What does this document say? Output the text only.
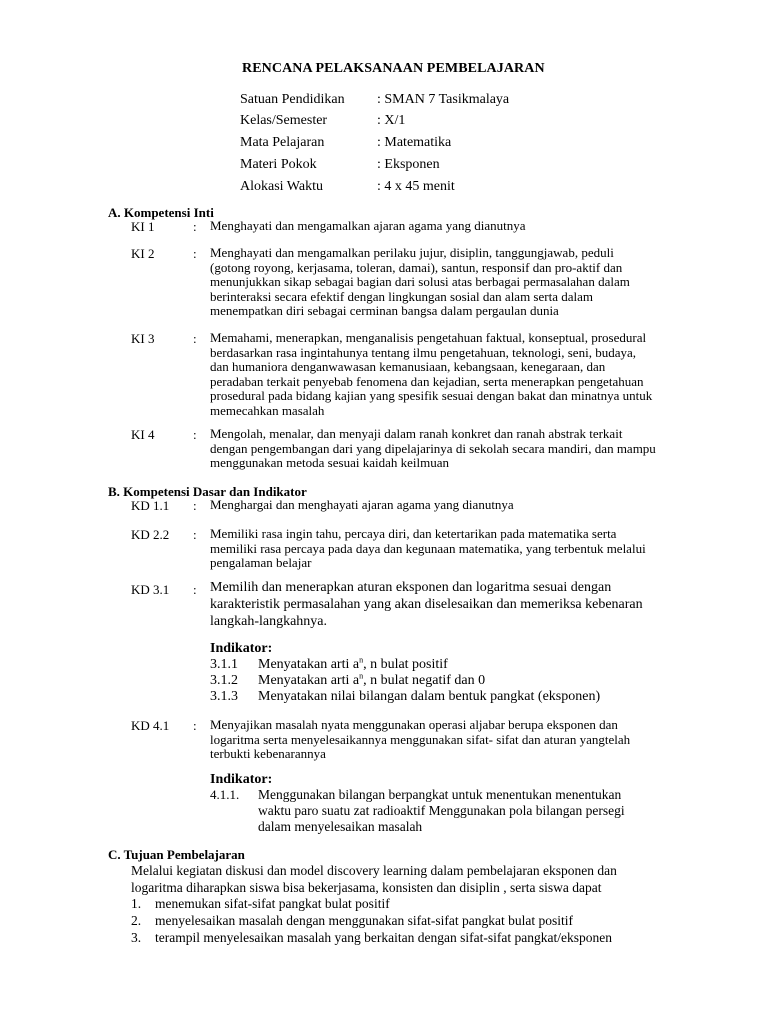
RENCANA PELAKSANAAN PEMBELAJARAN
Satuan Pendidikan : SMAN 7 Tasikmalaya
Kelas/Semester	: X/1
Mata Pelajaran	: Matematika
Materi Pokok	: Eksponen
Alokasi Waktu	: 4 x 45 menit
A. Kompetensi Inti
KI 1	: Menghayati dan mengamalkan ajaran agama yang dianutnya
KI 2	: Menghayati dan mengamalkan perilaku jujur, disiplin, tanggungjawab, peduli
(gotong royong, kerjasama, toleran, damai), santun, responsif dan pro-aktif dan
menunjukkan sikap sebagai bagian dari solusi atas berbagai permasalahan dalam
berinteraksi secara efektif dengan lingkungan sosial dan alam serta dalam
menempatkan diri sebagai cerminan bangsa dalam pergaulan dunia
KI 3	: Memahami, menerapkan, menganalisis pengetahuan faktual, konseptual, prosedural
berdasarkan rasa ingintahunya tentang ilmu pengetahuan, teknologi, seni, budaya,
dan humaniora denganwawasan kemanusiaan, kebangsaan, kenegaraan, dan
peradaban terkait penyebab fenomena dan kejadian, serta menerapkan pengetahuan
prosedural pada bidang kajian yang spesifik sesuai dengan bakat dan minatnya untuk
memecahkan masalah
KI 4	: Mengolah, menalar, dan menyaji dalam ranah konkret dan ranah abstrak terkait
dengan pengembangan dari yang dipelajarinya di sekolah secara mandiri, dan mampu
menggunakan metoda sesuai kaidah keilmuan
B. Kompetensi Dasar dan Indikator
KD 1.1 : Menghargai dan menghayati ajaran agama yang dianutnya
KD 2.2 : Memiliki rasa ingin tahu, percaya diri, dan ketertarikan pada matematika serta
memiliki rasa percaya pada daya dan kegunaan matematika, yang terbentuk melalui
pengalaman belajar
KD 3.1 : Memilih dan menerapkan aturan eksponen dan logaritma sesuai dengan
karakteristik permasalahan yang akan diselesaikan dan memeriksa kebenaran
langkah-langkahnya.
Indikator:
3.1.1 Menyatakan arti $a^n$, n bulat positif
3.1.2 Menyatakan arti $a^n$, n bulat negatif dan 0
3.1.3 Menyatakan nilai bilangan dalam bentuk pangkat (eksponen)
KD 4.1 : Menyajikan masalah nyata menggunakan operasi aljabar berupa eksponen dan
logaritma serta menyelesaikannya menggunakan sifat- sifat dan aturan yangtelah
terbukti kebenarannya
Indikator:
4.1.1. Menggunakan bilangan berpangkat untuk menentukan menentukan
waktu paro suatu zat radioaktif Menggunakan pola bilangan persegi
dalam menyelesaikan masalah
C. Tujuan Pembelajaran
Melalui kegiatan diskusi dan model discovery learning dalam pembelajaran eksponen dan
logaritma diharapkan siswa bisa bekerjasama, konsisten dan disiplin , serta siswa dapat
1. menemukan sifat-sifat pangkat bulat positif
2. menyelesaikan masalah dengan menggunakan sifat-sifat pangkat bulat positif
3. terampil menyelesaikan masalah yang berkaitan dengan sifat-sifat pangkat/eksponen
